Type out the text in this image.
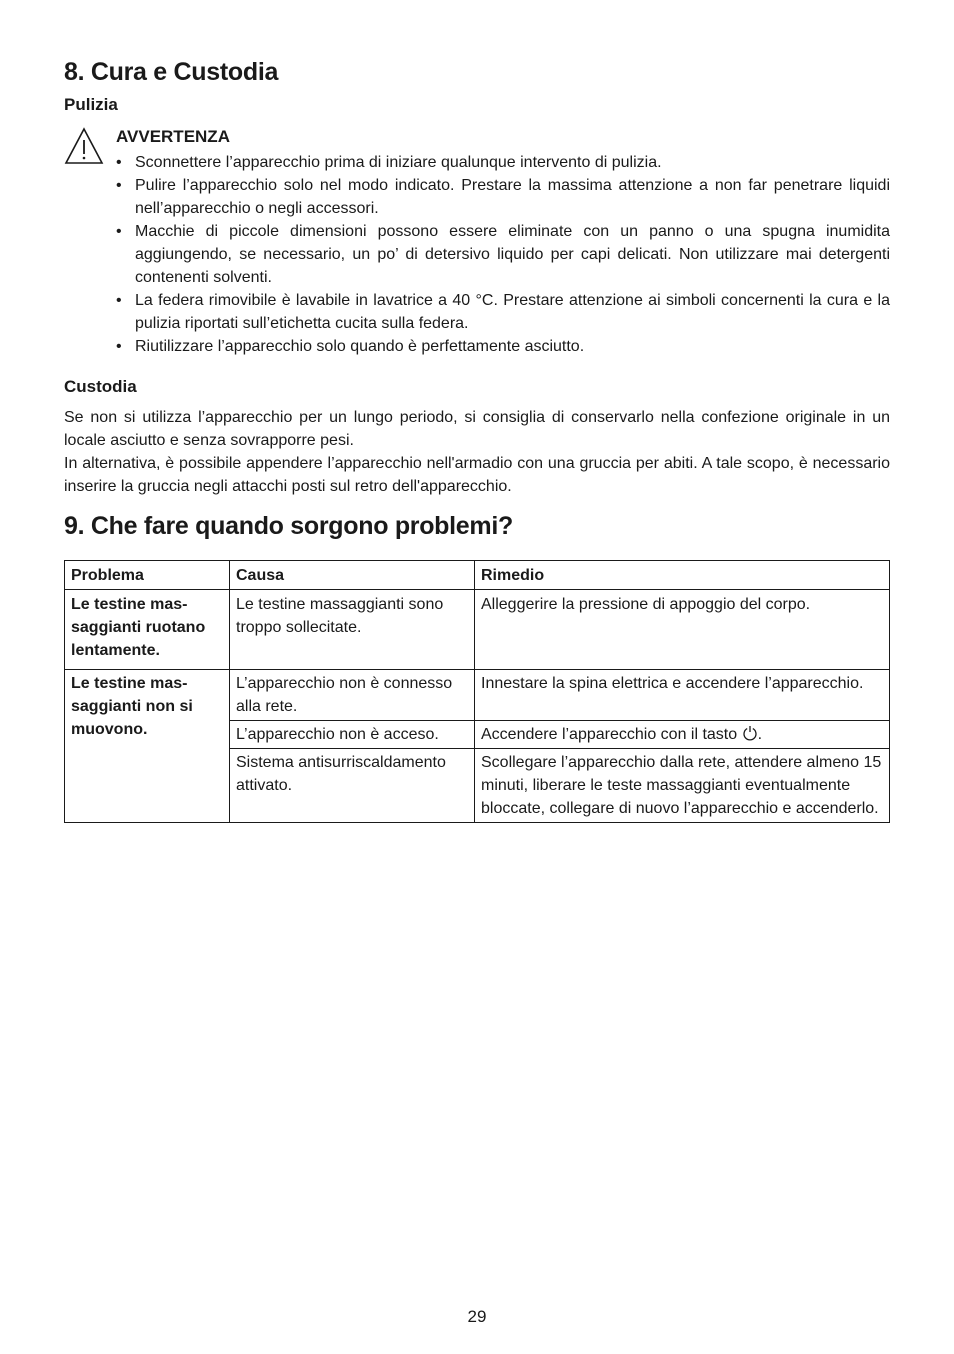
8. Cura e Custodia
Pulizia
AVVERTENZA
• Sconnettere l’apparecchio prima di iniziare qualunque intervento di pulizia.
• Pulire l’apparecchio solo nel modo indicato. Prestare la massima attenzione a non far penetrare liquidi nell’apparecchio o negli accessori.
• Macchie di piccole dimensioni possono essere eliminate con un panno o una spugna inumidita aggiungendo, se necessario, un po’ di detersivo liquido per capi delicati. Non utilizzare mai detergenti contenenti solventi.
• La federa rimovibile è lavabile in lavatrice a 40 °C. Prestare attenzione ai simboli concernenti la cura e la pulizia riportati sull’etichetta cucita sulla federa.
• Riutilizzare l’apparecchio solo quando è perfettamente asciutto.
Custodia

Se non si utilizza l’apparecchio per un lungo periodo, si consiglia di conservarlo nella confezione originale in un locale asciutto e senza sovrapporre pesi.

In alternativa, è possibile appendere l’apparecchio nell'armadio con una gruccia per abiti. A tale scopo, è necessario inserire la gruccia negli attacchi posti sul retro dell'apparecchio.

9. Che fare quando sorgono problemi?
Problema	Causa	Rimedio
Le testine massaggianti ruotano lentamente.	Le testine massaggianti sono troppo sollecitate.	Alleggerire la pressione di appoggio del corpo.
Le testine massaggianti non si muovono.	L’apparecchio non è connesso alla rete.	Innestare la spina elettrica e accendere l’apparecchio.
	L’apparecchio non è acceso.	Accendere l’apparecchio con il tasto .
	Sistema antisurriscaldamento attivato.	Scollegare l’apparecchio dalla rete, attendere almeno 15 minuti, liberare le teste massaggianti eventualmente bloccate, collegare di nuovo l’apparecchio e accenderlo.
29
